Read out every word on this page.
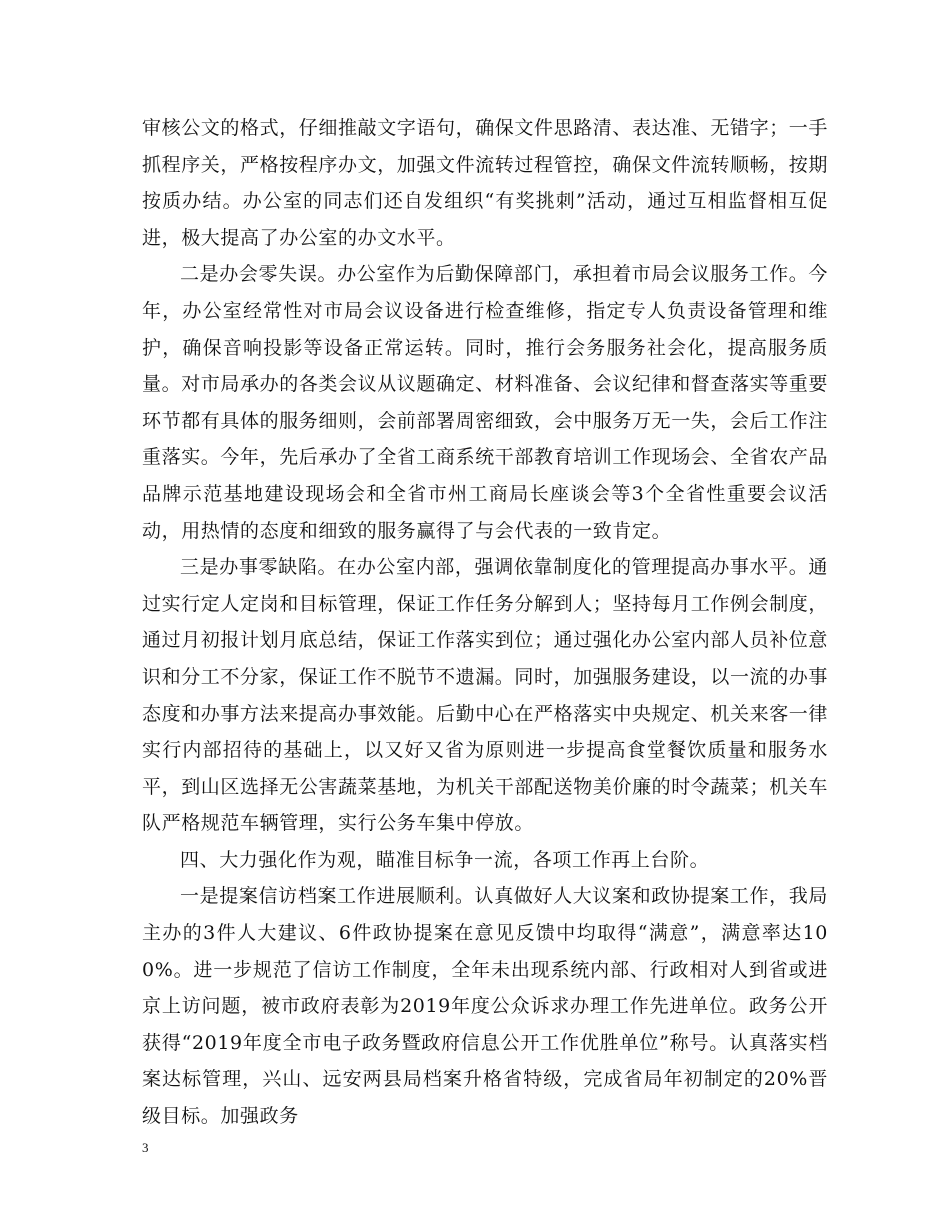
审核公文的格式，仔细推敲文字语句，确保文件思路清、表达准、无错字；一手抓程序关，严格按程序办文，加强文件流转过程管控，确保文件流转顺畅，按期按质办结。办公室的同志们还自发组织“有奖挑刺”活动，通过互相监督相互促进，极大提高了办公室的办文水平。

二是办会零失误。办公室作为后勤保障部门，承担着市局会议服务工作。今年，办公室经常性对市局会议设备进行检查维修，指定专人负责设备管理和维护，确保音响投影等设备正常运转。同时，推行会务服务社会化，提高服务质量。对市局承办的各类会议从议题确定、材料准备、会议纪律和督查落实等重要环节都有具体的服务细则，会前部署周密细致，会中服务万无一失，会后工作注重落实。今年，先后承办了全省工商系统干部教育培训工作现场会、全省农产品品牌示范基地建设现场会和全省市州工商局长座谈会等3个全省性重要会议活动，用热情的态度和细致的服务赢得了与会代表的一致肯定。

三是办事零缺陷。在办公室内部，强调依靠制度化的管理提高办事水平。通过实行定人定岗和目标管理，保证工作任务分解到人；坚持每月工作例会制度，通过月初报计划月底总结，保证工作落实到位；通过强化办公室内部人员补位意识和分工不分家，保证工作不脱节不遗漏。同时，加强服务建设，以一流的办事态度和办事方法来提高办事效能。后勤中心在严格落实中央规定、机关来客一律实行内部招待的基础上，以又好又省为原则进一步提高食堂餐饮质量和服务水平，到山区选择无公害蔬菜基地，为机关干部配送物美价廉的时令蔬菜；机关车队严格规范车辆管理，实行公务车集中停放。

四、大力强化作为观，瞄准目标争一流，各项工作再上台阶。

一是提案信访档案工作进展顺利。认真做好人大议案和政协提案工作，我局主办的3件人大建议、6件政协提案在意见反馈中均取得“满意”，满意率达100%。进一步规范了信访工作制度，全年未出现系统内部、行政相对人到省或进京上访问题，被市政府表彰为2019年度公众诉求办理工作先进单位。政务公开获得“2019年度全市电子政务暨政府信息公开工作优胜单位”称号。认真落实档案达标管理，兴山、远安两县局档案升格省特级，完成省局年初制定的20%晋级目标。加强政务

3
